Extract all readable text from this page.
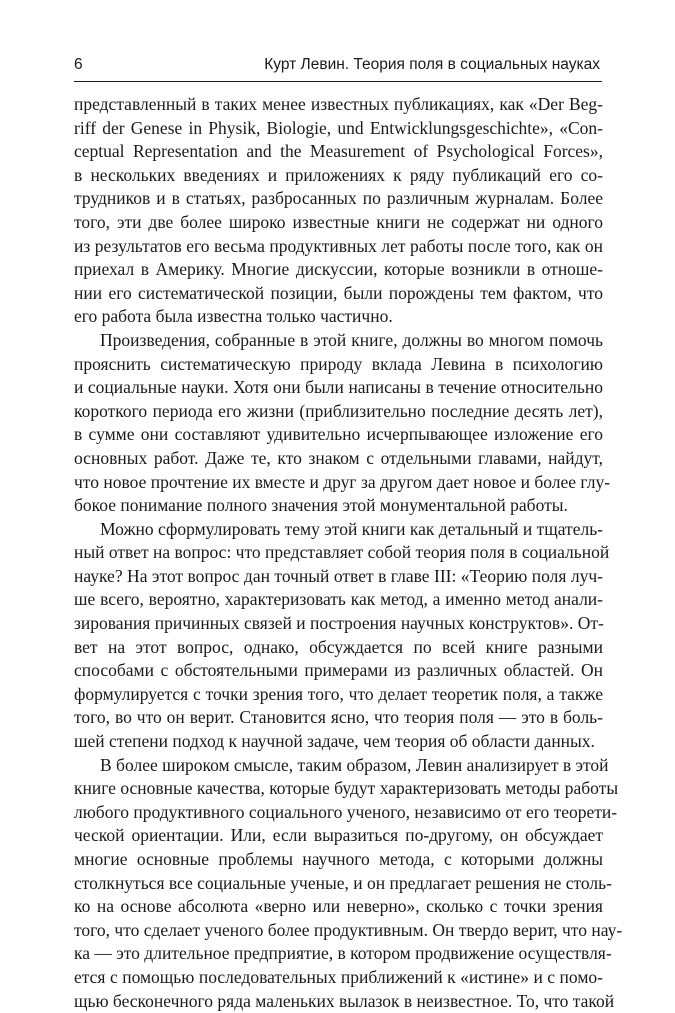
6	Курт Левин. Теория поля в социальных науках
представленный в таких менее известных публикациях, как «Der Beg-
riff der Genese in Physik, Biologie, und Entwicklungsgeschichte», «Con-
ceptual Representation and the Measurement of Psychological Forces»,
в нескольких введениях и приложениях к ряду публикаций его со-
трудников и в статьях, разбросанных по различным журналам. Более
того, эти две более широко известные книги не содержат ни одного
из результатов его весьма продуктивных лет работы после того, как он
приехал в Америку. Многие дискуссии, которые возникли в отноше-
нии его систематической позиции, были порождены тем фактом, что
его работа была известна только частично.
Произведения, собранные в этой книге, должны во многом помочь
прояснить систематическую природу вклада Левина в психологию
и социальные науки. Хотя они были написаны в течение относительно
короткого периода его жизни (приблизительно последние десять лет),
в сумме они составляют удивительно исчерпывающее изложение его
основных работ. Даже те, кто знаком с отдельными главами, найдут,
что новое прочтение их вместе и друг за другом дает новое и более глу-
бокое понимание полного значения этой монументальной работы.
Можно сформулировать тему этой книги как детальный и тщатель-
ный ответ на вопрос: что представляет собой теория поля в социальной
науке? На этот вопрос дан точный ответ в главе III: «Теорию поля луч-
ше всего, вероятно, характеризовать как метод, а именно метод анали-
зирования причинных связей и построения научных конструктов». От-
вет на этот вопрос, однако, обсуждается по всей книге разными
способами с обстоятельными примерами из различных областей. Он
формулируется с точки зрения того, что делает теоретик поля, а также
того, во что он верит. Становится ясно, что теория поля — это в боль-
шей степени подход к научной задаче, чем теория об области данных.
В более широком смысле, таким образом, Левин анализирует в этой
книге основные качества, которые будут характеризовать методы работы
любого продуктивного социального ученого, независимо от его теорети-
ческой ориентации. Или, если выразиться по-другому, он обсуждает
многие основные проблемы научного метода, с которыми должны
столкнуться все социальные ученые, и он предлагает решения не столь-
ко на основе абсолюта «верно или неверно», сколько с точки зрения
того, что сделает ученого более продуктивным. Он твердо верит, что нау-
ка — это длительное предприятие, в котором продвижение осуществля-
ется с помощью последовательных приближений к «истине» и с помо-
щью бесконечного ряда маленьких вылазок в неизвестное. То, что такой
